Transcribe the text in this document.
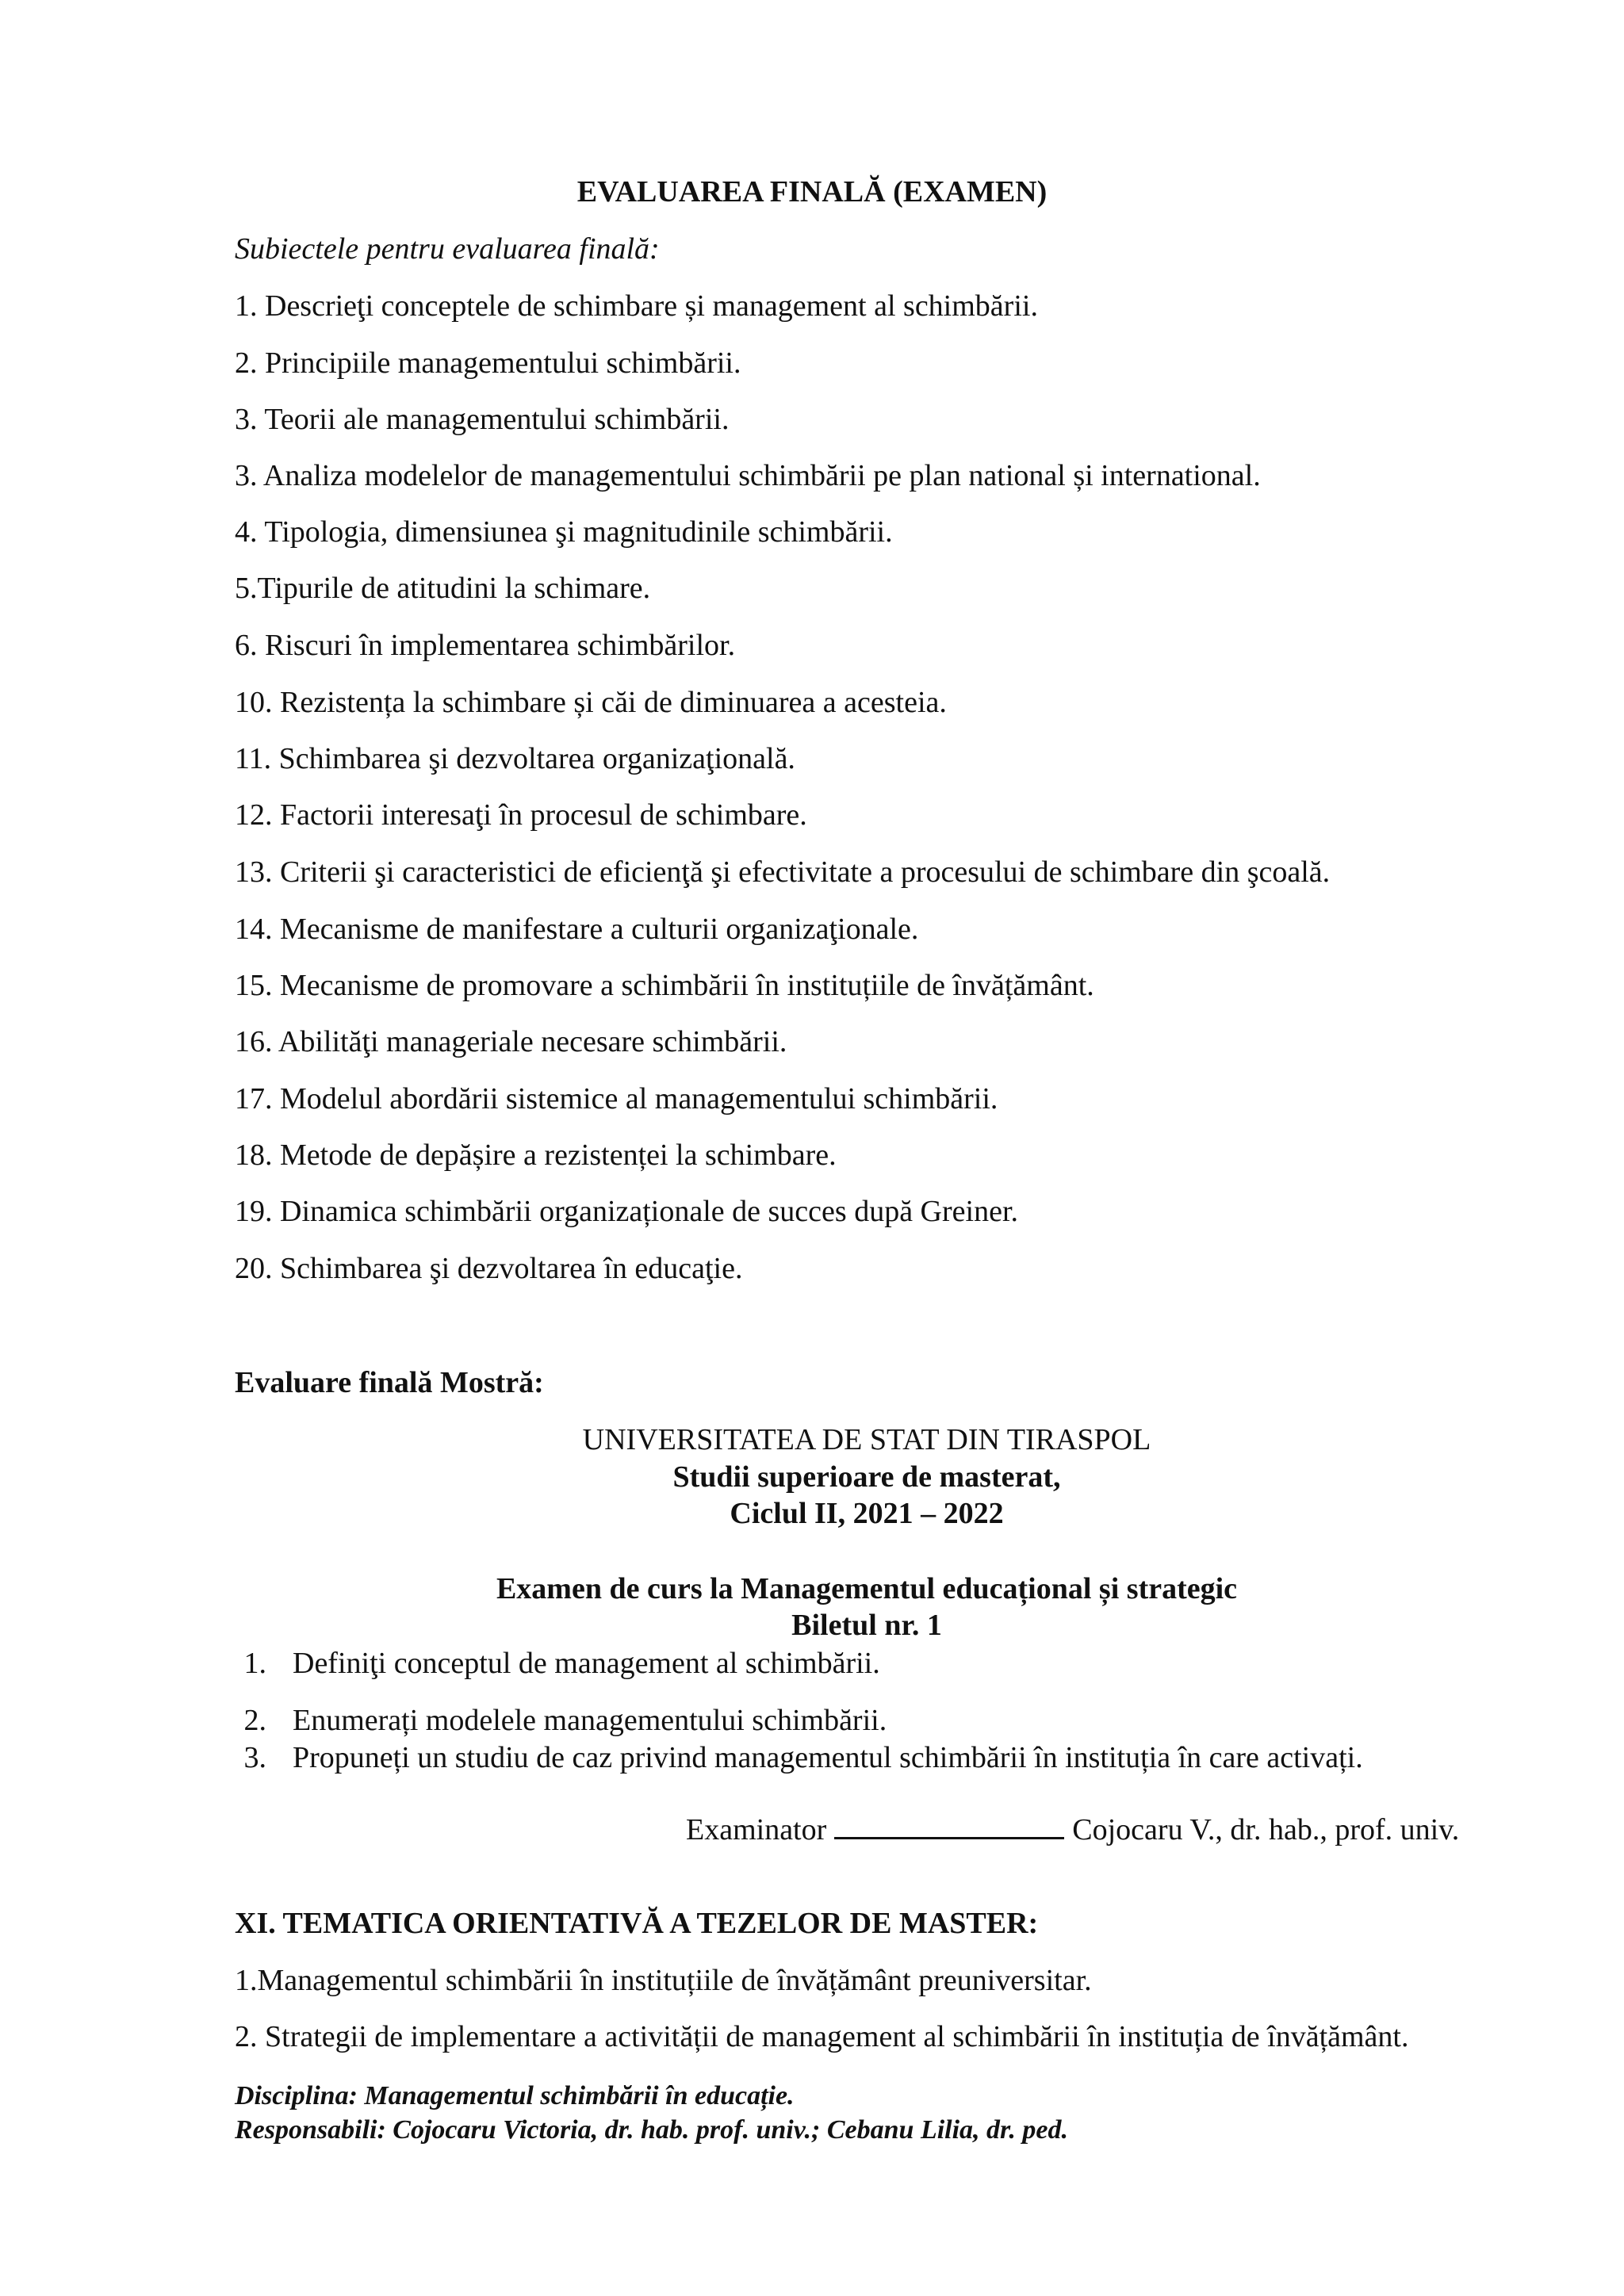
EVALUAREA FINALĂ (EXAMEN)
Subiectele pentru evaluarea finală:
1. Descrieţi conceptele de schimbare și management al schimbării.
2. Principiile managementului schimbării.
3. Teorii ale managementului schimbării.
3. Analiza modelelor de managementului schimbării pe plan national și international.
4. Tipologia, dimensiunea şi magnitudinile schimbării.
5.Tipurile de atitudini la schimare.
6. Riscuri în implementarea schimbărilor.
10. Rezistența la schimbare și căi de diminuarea a acesteia.
11. Schimbarea şi dezvoltarea organizaţională.
12. Factorii interesaţi în procesul de schimbare.
13. Criterii şi caracteristici de eficienţă şi efectivitate a procesului de schimbare din şcoală.
14. Mecanisme de manifestare a culturii organizaţionale.
15. Mecanisme de promovare a schimbării în instituțiile de învățământ.
16. Abilităţi manageriale necesare schimbării.
17. Modelul abordării sistemice al managementului schimbării.
18. Metode de depășire a rezistenței la schimbare.
19. Dinamica schimbării organizaționale de succes după Greiner.
20. Schimbarea şi dezvoltarea în educaţie.
Evaluare finală Mostră:
UNIVERSITATEA DE STAT DIN TIRASPOL
Studii superioare de masterat,
Ciclul II, 2021 – 2022
Examen de curs la Managementul educațional și strategic
Biletul nr. 1
1. Definiţi conceptul de management al schimbării.
2. Enumerați modelele managementului schimbării.
3. Propuneți un studiu de caz privind managementul schimbării în instituția în care activați.
Examinator	Cojocaru V., dr. hab., prof. univ.
XI. TEMATICA ORIENTATIVĂ A TEZELOR DE MASTER:
1.Managementul schimbării în instituțiile de învățământ preuniversitar.
2. Strategii de implementare a activității de management al schimbării în instituția de învățământ.
Disciplina: Managementul schimbării în educație.
Responsabili: Cojocaru Victoria, dr. hab. prof. univ.; Cebanu Lilia, dr. ped.
